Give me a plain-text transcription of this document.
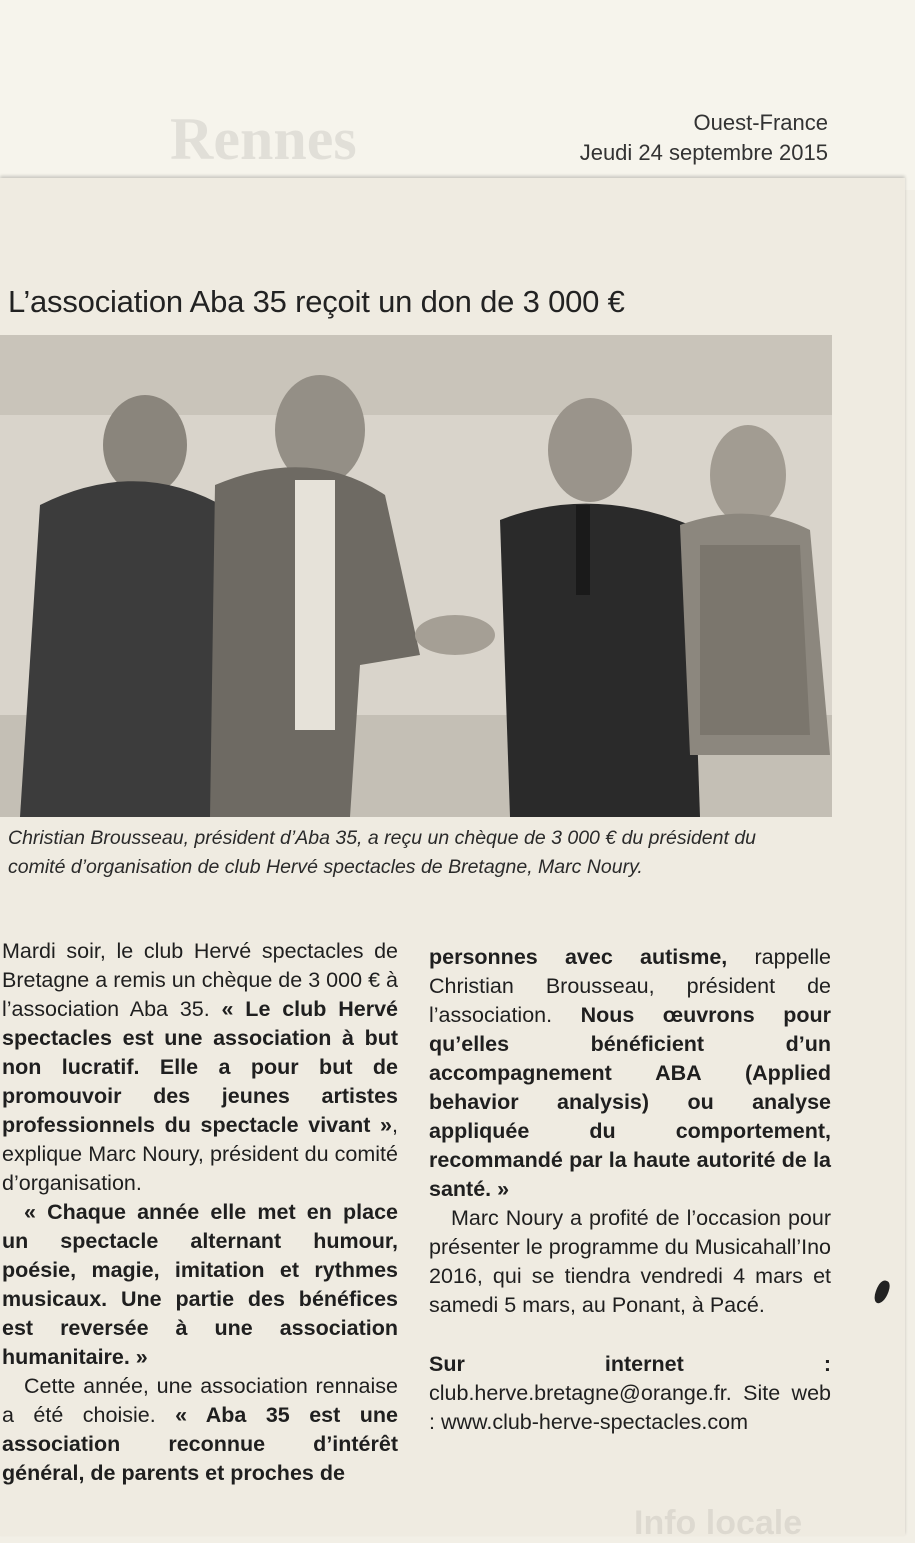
Rennes	Ouest-France
Jeudi 24 septembre 2015
L’association Aba 35 reçoit un don de 3 000 €
Christian Brousseau, président d’Aba 35, a reçu un chèque de 3 000 € du président du comité d’organisation de club Hervé spectacles de Bretagne, Marc Noury.

Mardi soir, le club Hervé spectacles de Bretagne a remis un chèque de 3 000 € à l’association Aba 35. « Le club Hervé spectacles est une association à but non lucratif. Elle a pour but de promouvoir des jeunes artistes professionnels du spectacle vivant », explique Marc Noury, président du comité d’organisation.

« Chaque année elle met en place un spectacle alternant humour, poésie, magie, imitation et rythmes musicaux. Une partie des bénéfices est reversée à une association humanitaire. »

Cette année, une association rennaise a été choisie. « Aba 35 est une association reconnue d’intérêt général, de parents et proches de

personnes avec autisme, rappelle Christian Brousseau, président de l’association. Nous œuvrons pour qu’elles bénéficient d’un accompagnement ABA (Applied behavior analysis) ou analyse appliquée du comportement, recommandé par la haute autorité de la santé. »

Marc Noury a profité de l’occasion pour présenter le programme du Musicahall’Ino 2016, qui se tiendra vendredi 4 mars et samedi 5 mars, au Ponant, à Pacé.

Sur internet : club.herve.bretagne@orange.fr. Site web : www.club-herve-spectacles.com

Info locale
